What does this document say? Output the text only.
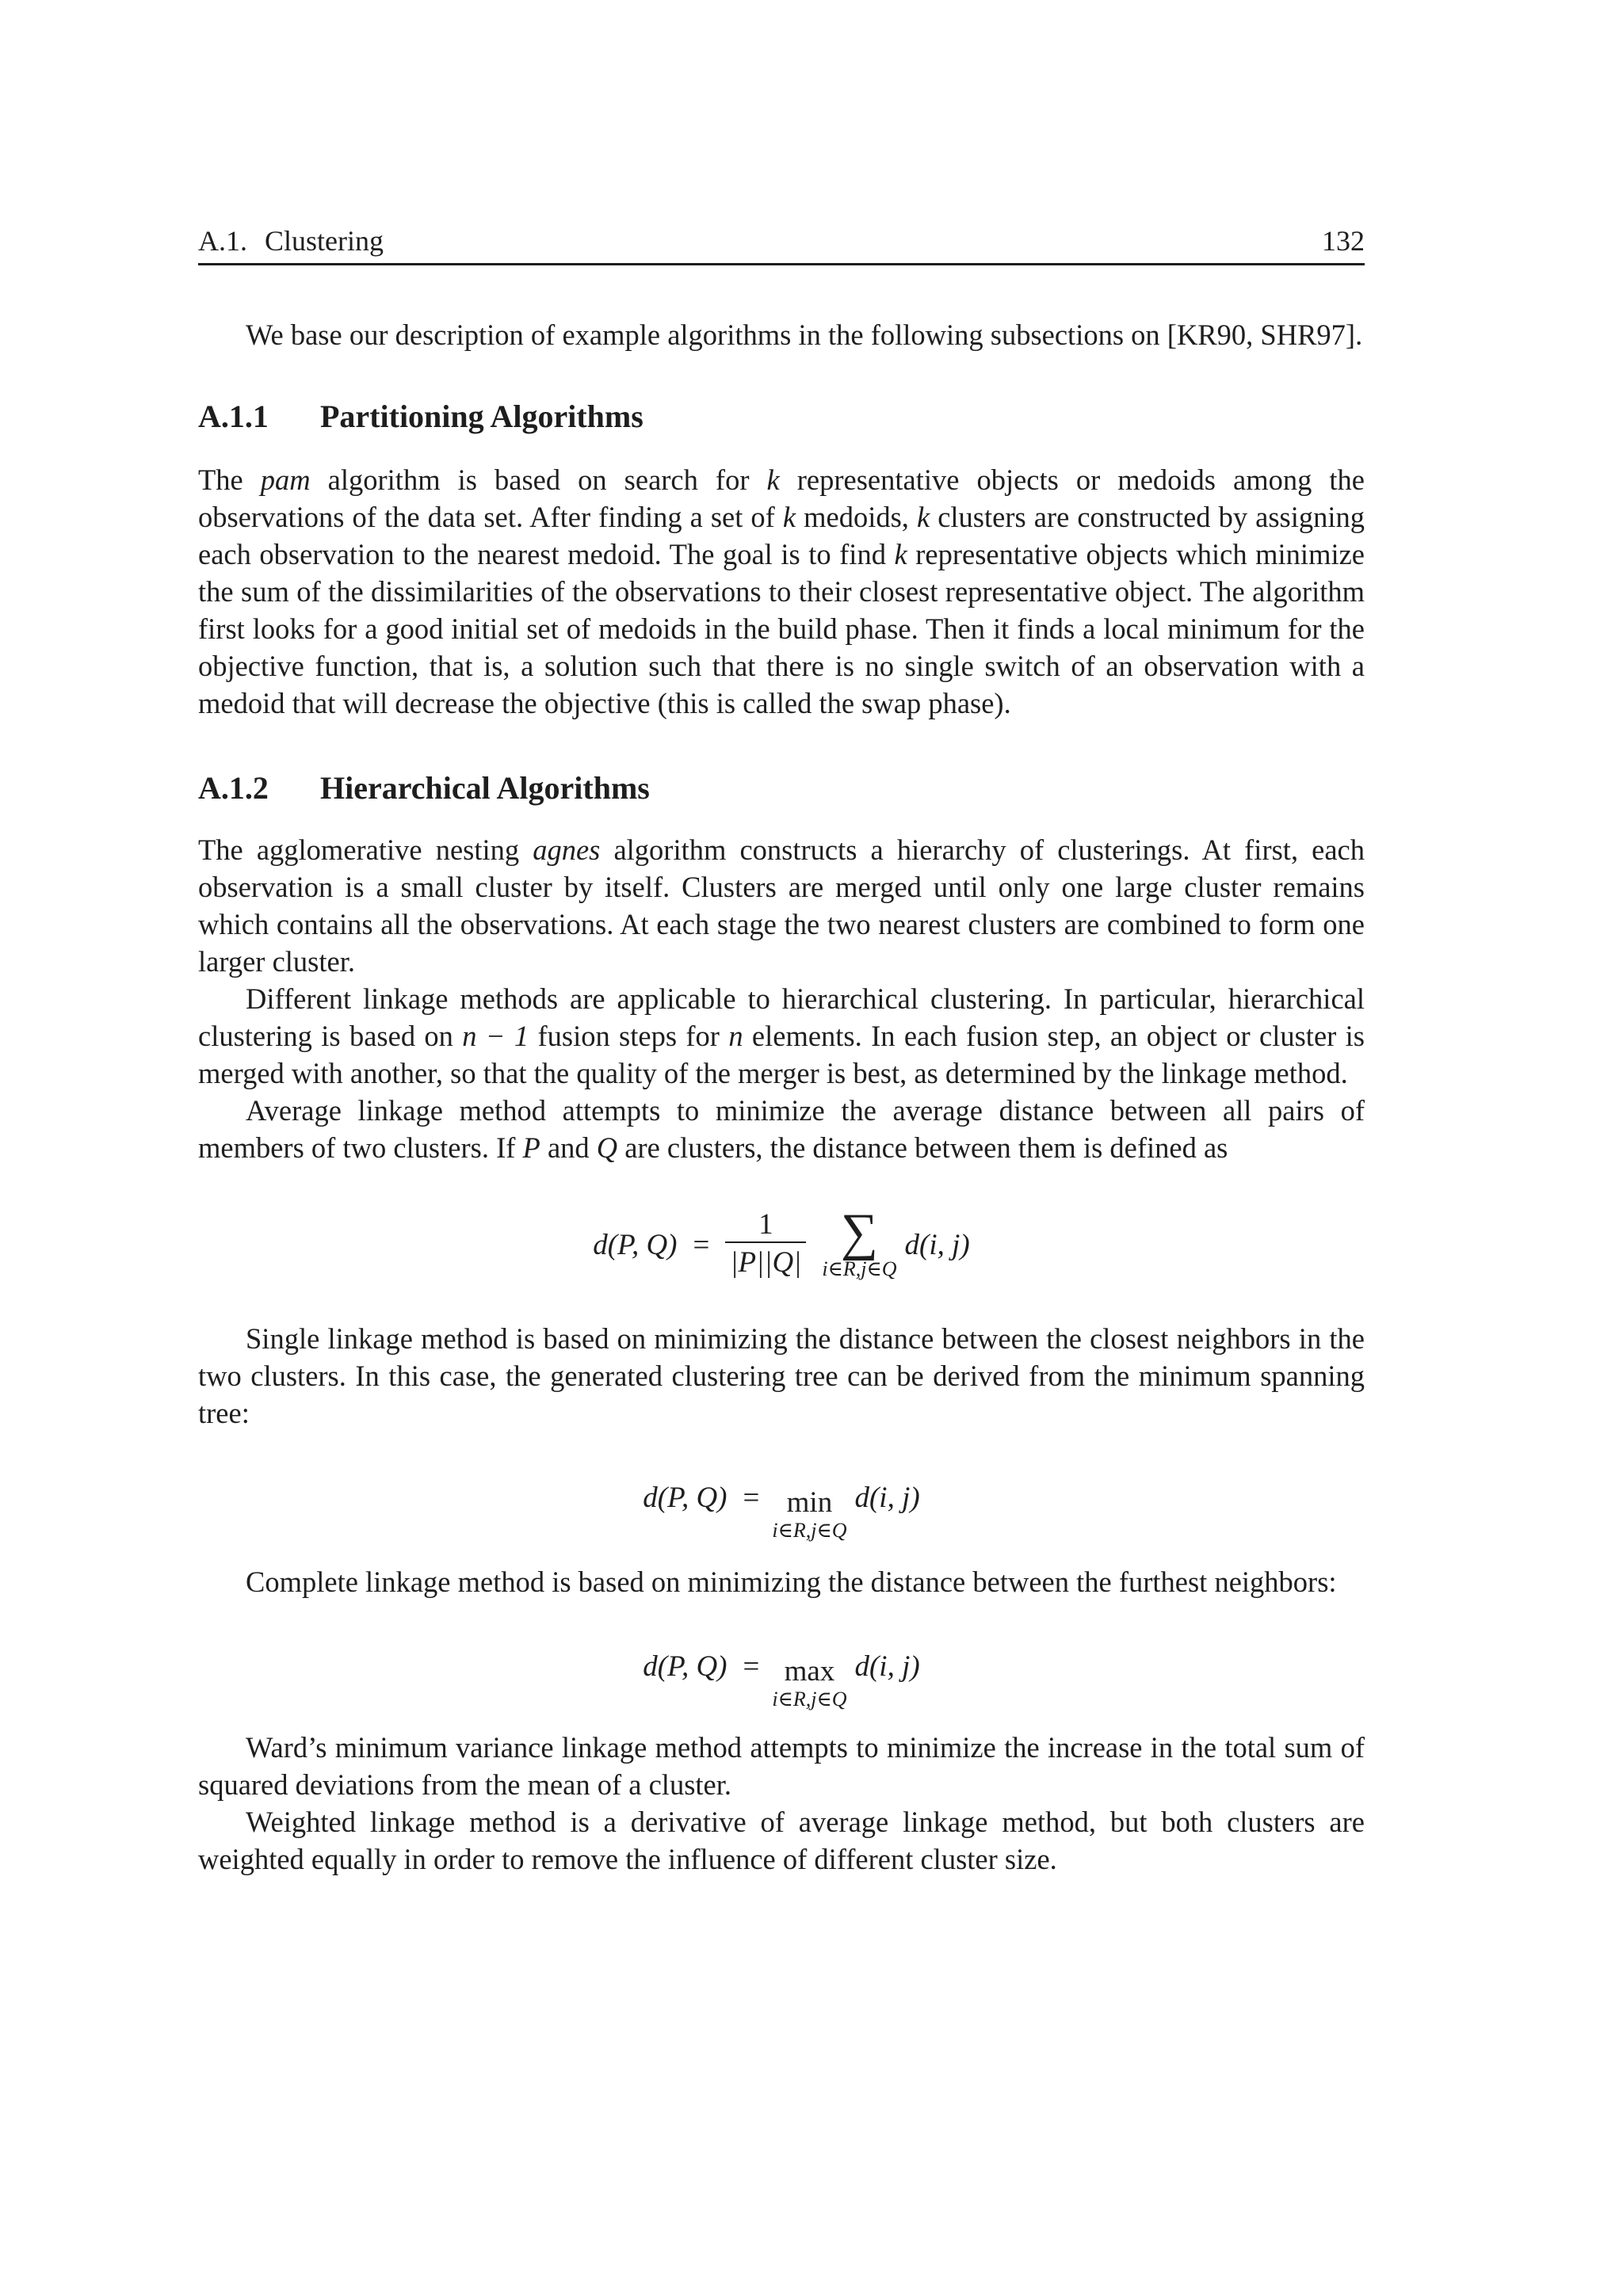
A.1. Clustering	132

We base our description of example algorithms in the following subsections on [KR90, SHR97].

A.1.1 Partitioning Algorithms

The pam algorithm is based on search for k representative objects or medoids among the observations of the data set. After finding a set of k medoids, k clusters are constructed by assigning each observation to the nearest medoid. The goal is to find k representative objects which minimize the sum of the dissimilarities of the observations to their closest representative object. The algorithm first looks for a good initial set of medoids in the build phase. Then it finds a local minimum for the objective function, that is, a solution such that there is no single switch of an observation with a medoid that will decrease the objective (this is called the swap phase).

A.1.2 Hierarchical Algorithms

The agglomerative nesting agnes algorithm constructs a hierarchy of clusterings. At first, each observation is a small cluster by itself. Clusters are merged until only one large cluster remains which contains all the observations. At each stage the two nearest clusters are combined to form one larger cluster.

Different linkage methods are applicable to hierarchical clustering. In particular, hierarchical clustering is based on n − 1 fusion steps for n elements. In each fusion step, an object or cluster is merged with another, so that the quality of the merger is best, as determined by the linkage method.

Average linkage method attempts to minimize the average distance between all pairs of members of two clusters. If P and Q are clusters, the distance between them is defined as

d(P, $Q) = \frac{1}{|P||Q|}$ ∑
i∈R,j∈Q
d(i, j)

Single linkage method is based on minimizing the distance between the closest neighbors in the two clusters. In this case, the generated clustering tree can be derived from the minimum spanning tree:

d(P, Q) = min
i∈R,j∈Q
d(i, j)

Complete linkage method is based on minimizing the distance between the furthest neighbors:

d(P, Q) = max
i∈R,j∈Q
d(i, j)

Ward’s minimum variance linkage method attempts to minimize the increase in the total sum of squared deviations from the mean of a cluster.

Weighted linkage method is a derivative of average linkage method, but both clusters are weighted equally in order to remove the influence of different cluster size.
